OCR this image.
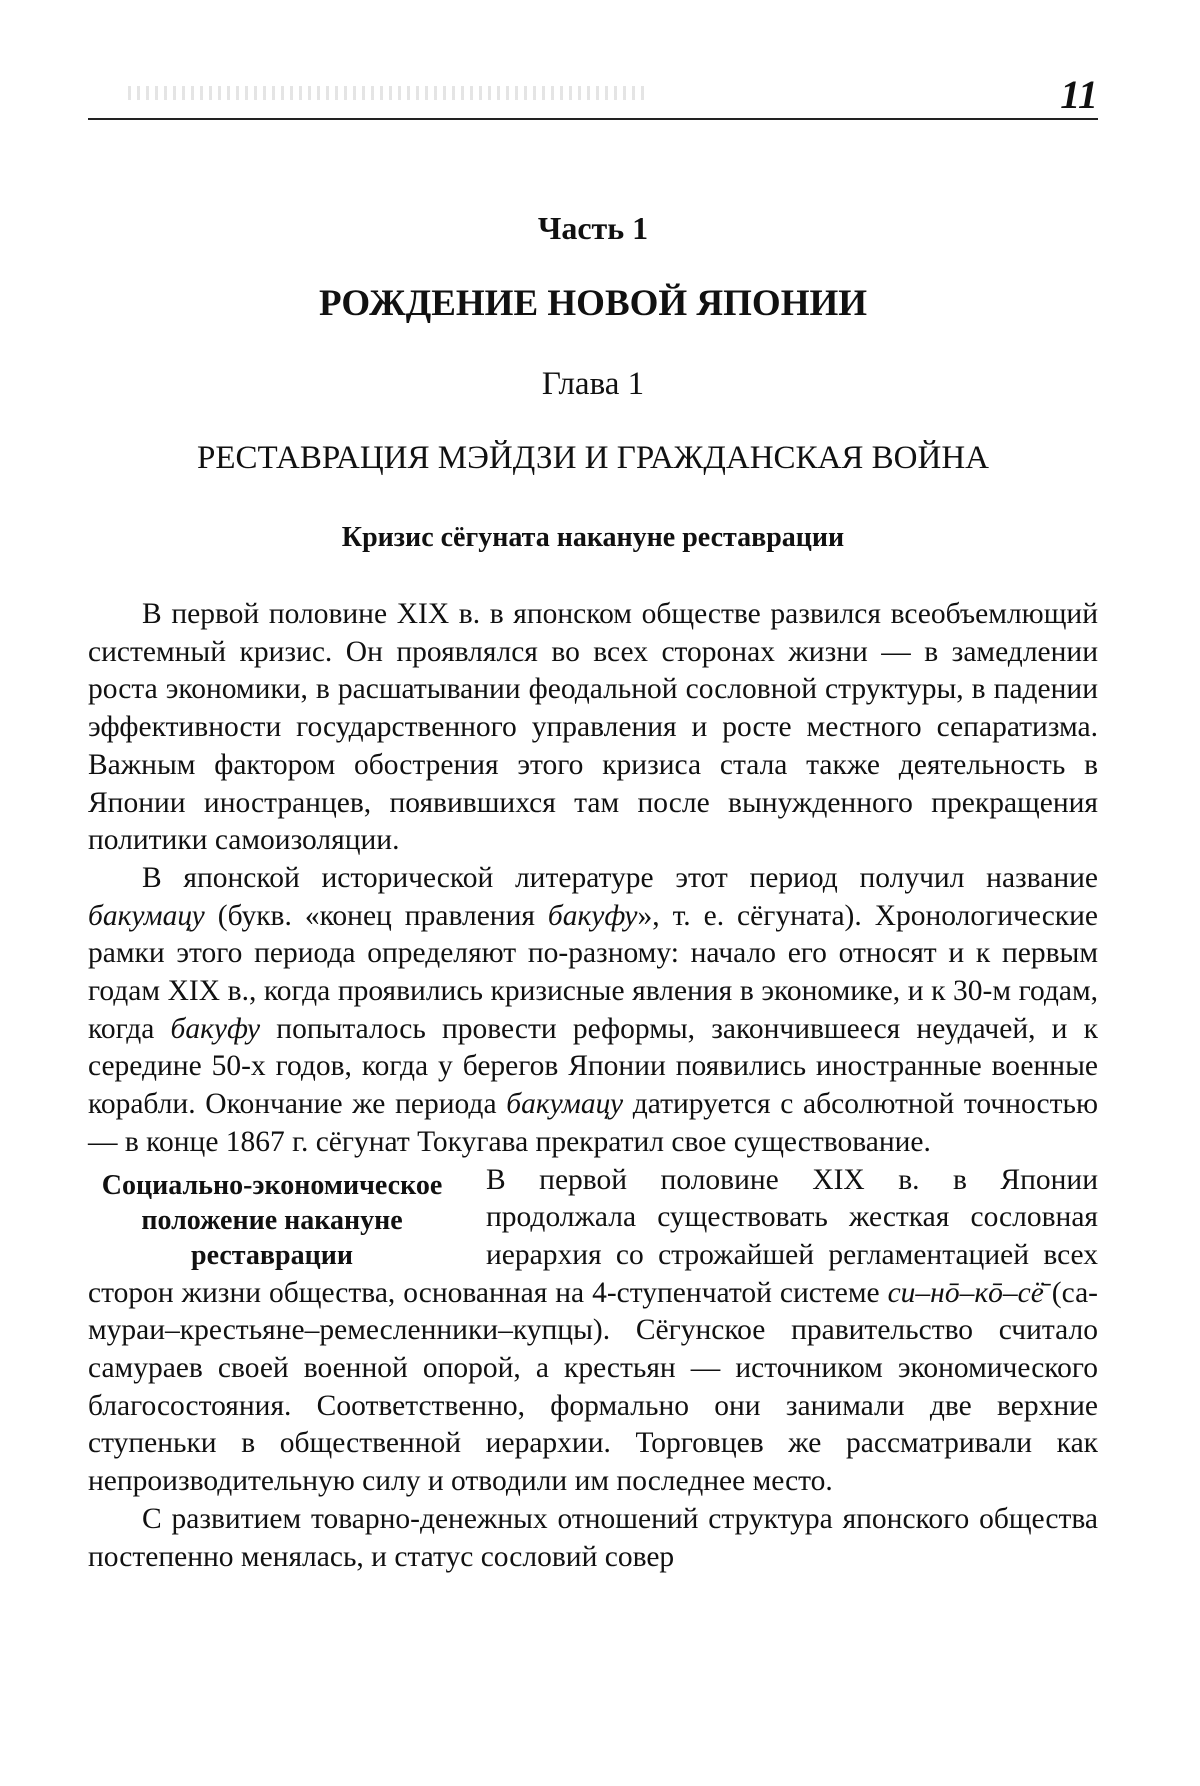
11
Часть 1
РОЖДЕНИЕ НОВОЙ ЯПОНИИ
Глава 1
РЕСТАВРАЦИЯ МЭЙДЗИ И ГРАЖДАНСКАЯ ВОЙНА
Кризис сёгуната накануне реставрации

В первой половине XIX в. в японском обществе развился всеобъемлющий системный кризис. Он проявлялся во всех сторонах жизни — в замедлении роста экономики, в расшатывании феодальной сословной структуры, в падении эффективности государственного управления и росте местного сепаратизма. Важным фактором обострения этого кризиса стала также деятельность в Японии иностранцев, появившихся там после вынужденного прекращения политики самоизоляции.

В японской исторической литературе этот период получил название бакумацу (букв. «конец правления бакуфу», т. е. сёгуната). Хронологические рамки этого периода определяют по-разному: начало его относят и к первым годам XIX в., когда проявились кризисные явления в экономике, и к 30-м годам, когда бакуфу попыталось провести реформы, закончившееся неудачей, и к середине 50-х годов, когда у берегов Японии появились иностранные военные корабли. Окончание же периода бакумацу датируется с абсолютной точностью — в конце 1867 г. сёгунат Токугава прекратил свое существование.

Социально-экономическое положение накануне реставрации

В первой половине XIX в. в Японии продолжала существовать жесткая сословная иерархия со строжайшей регламентацией всех сторон жизни общества, основанная на 4-ступенчатой системе си–нō–кō–сё̄ (самураи–крестьяне–ремесленники–купцы). Сёгунское правительство считало самураев своей военной опорой, а крестьян — источником экономического благосостояния. Соответственно, формально они занимали две верхние ступеньки в общественной иерархии. Торговцев же рассматривали как непроизводительную силу и отводили им последнее место.

С развитием товарно-денежных отношений структура японского общества постепенно менялась, и статус сословий совер
